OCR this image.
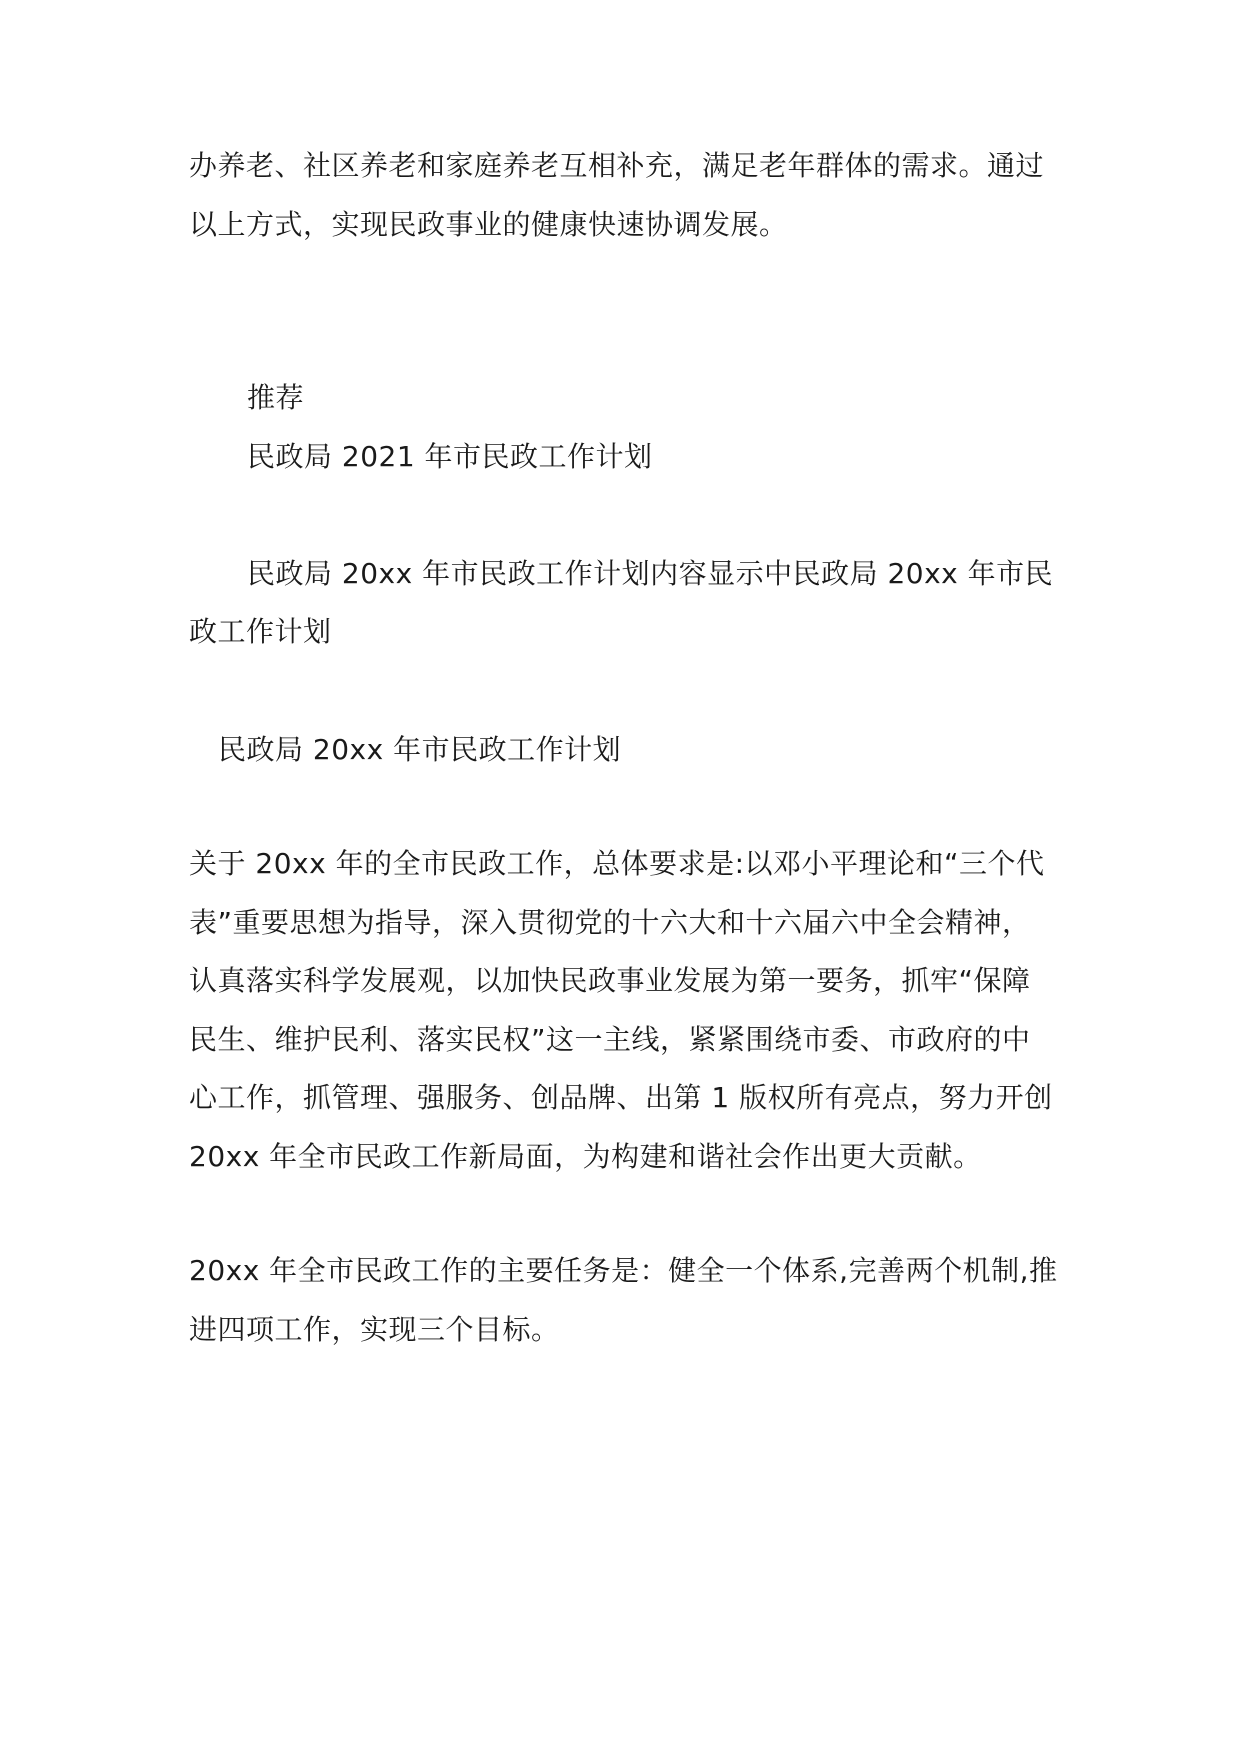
办养老、社区养老和家庭养老互相补充，满足老年群体的需求。通过
以上方式，实现民政事业的健康快速协调发展。
推荐
民政局 2021 年市民政工作计划
民政局 20xx 年市民政工作计划内容显示中民政局 20xx 年市民
政工作计划
民政局 20xx 年市民政工作计划
关于 20xx 年的全市民政工作，总体要求是:以邓小平理论和“三个代
表”重要思想为指导，深入贯彻党的十六大和十六届六中全会精神，
认真落实科学发展观，以加快民政事业发展为第一要务，抓牢“保障
民生、维护民利、落实民权”这一主线，紧紧围绕市委、市政府的中
心工作，抓管理、强服务、创品牌、出第 1 版权所有亮点，努力开创
20xx 年全市民政工作新局面，为构建和谐社会作出更大贡献。
20xx 年全市民政工作的主要任务是：健全一个体系,完善两个机制,推
进四项工作，实现三个目标。
